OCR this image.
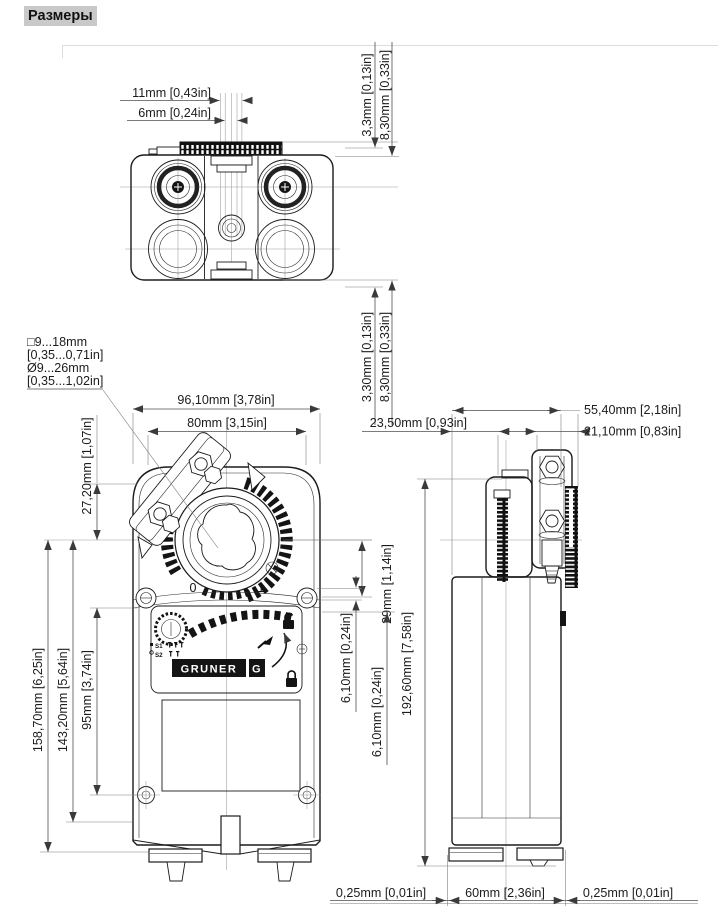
Размеры
0	1
S1
S2
GRUNER G
11mm [0,43in]
6mm [0,24in]	3,3mm [0,13in] 8,30mm [0,33in]
3,30mm [0,13in] 8,30mm [0,33in]
□9...18mm
[0,35...0,71in]
Ø9...26mm
[0,35...1,02in]
96,10mm [3,78in]
80mm [3,15in]
55,40mm [2,18in]
23,50mm [0,93in]
21,10mm [0,83in]
27,20mm [1,07in]
158,70mm [6,25in] 143,20mm [5,64in] 95mm [3,74in]
29mm [1,14in]
6,10mm [0,24in]
6,10mm [0,24in] 192,60mm [7,58in]
0,25mm [0,01in]	60mm [2,36in]	0,25mm [0,01in]
